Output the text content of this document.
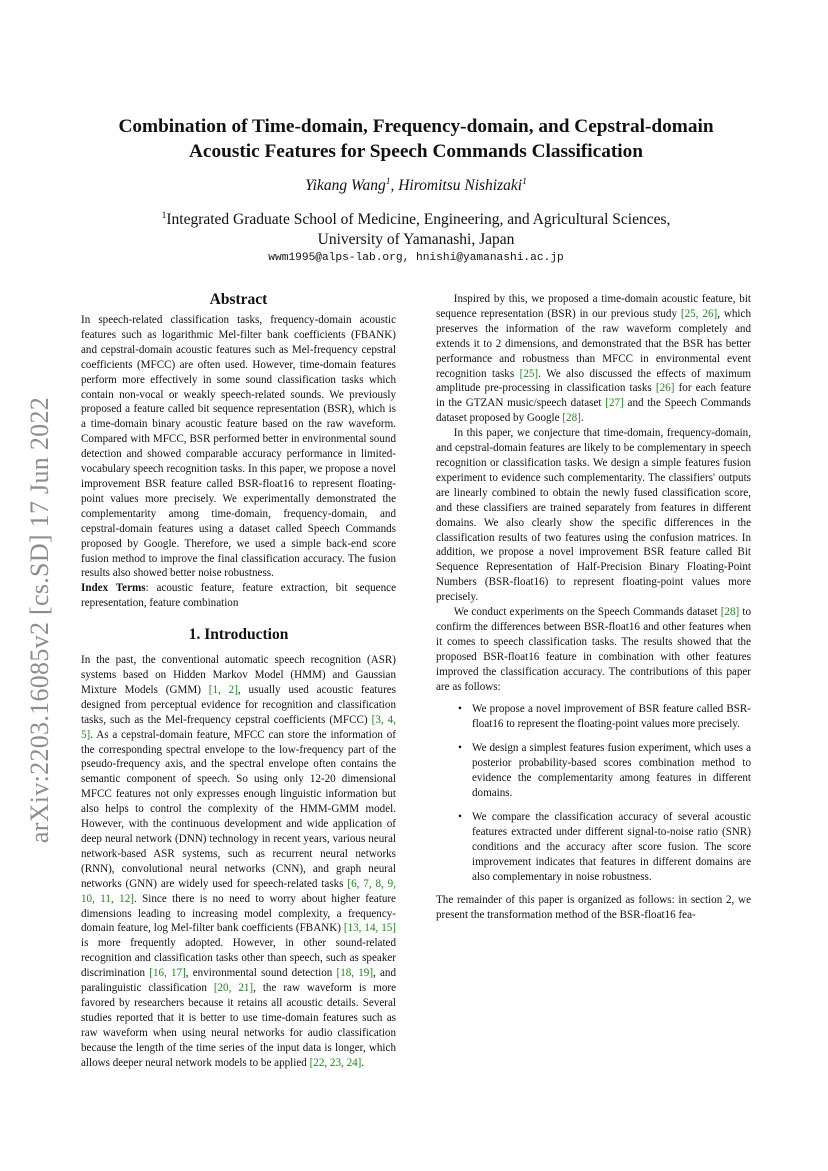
arXiv:2203.16085v2 [cs.SD] 17 Jun 2022
Combination of Time-domain, Frequency-domain, and Cepstral-domain
Acoustic Features for Speech Commands Classification
Yikang Wang$^1$, Hiromitsu Nishizaki$^1$
$^1$Integrated Graduate School of Medicine, Engineering, and Agricultural Sciences,
University of Yamanashi, Japan
wwm1995@alps-lab.org, hnishi@yamanashi.ac.jp
Abstract

In speech-related classification tasks, frequency-domain acoustic features such as logarithmic Mel-filter bank coefficients (FBANK) and cepstral-domain acoustic features such as Mel-frequency cepstral coefficients (MFCC) are often used. However, time-domain features perform more effectively in some sound classification tasks which contain non-vocal or weakly speech-related sounds. We previously proposed a feature called bit sequence representation (BSR), which is a time-domain binary acoustic feature based on the raw waveform. Compared with MFCC, BSR performed better in environmental sound detection and showed comparable accuracy performance in limited-vocabulary speech recognition tasks. In this paper, we propose a novel improvement BSR feature called BSR-float16 to represent floating-point values more precisely. We experimentally demonstrated the complementarity among time-domain, frequency-domain, and cepstral-domain features using a dataset called Speech Commands proposed by Google. Therefore, we used a simple back-end score fusion method to improve the final classification accuracy. The fusion results also showed better noise robustness.

Index Terms: acoustic feature, feature extraction, bit sequence representation, feature combination

1. Introduction

In the past, the conventional automatic speech recognition (ASR) systems based on Hidden Markov Model (HMM) and Gaussian Mixture Models (GMM) [1, 2], usually used acoustic features designed from perceptual evidence for recognition and classification tasks, such as the Mel-frequency cepstral coefficients (MFCC) [3, 4, 5]. As a cepstral-domain feature, MFCC can store the information of the corresponding spectral envelope to the low-frequency part of the pseudo-frequency axis, and the spectral envelope often contains the semantic component of speech. So using only 12-20 dimensional MFCC features not only expresses enough linguistic information but also helps to control the complexity of the HMM-GMM model. However, with the continuous development and wide application of deep neural network (DNN) technology in recent years, various neural network-based ASR systems, such as recurrent neural networks (RNN), convolutional neural networks (CNN), and graph neural networks (GNN) are widely used for speech-related tasks [6, 7, 8, 9, 10, 11, 12]. Since there is no need to worry about higher feature dimensions leading to increasing model complexity, a frequency-domain feature, log Mel-filter bank coefficients (FBANK) [13, 14, 15] is more frequently adopted. However, in other sound-related recognition and classification tasks other than speech, such as speaker discrimination [16, 17], environmental sound detection [18, 19], and paralinguistic classification [20, 21], the raw waveform is more favored by researchers because it retains all acoustic details. Several studies reported that it is better to use time-domain features such as raw waveform when using neural networks for audio classification because the length of the time series of the input data is longer, which allows deeper neural network models to be applied [22, 23, 24].

Inspired by this, we proposed a time-domain acoustic feature, bit sequence representation (BSR) in our previous study [25, 26], which preserves the information of the raw waveform completely and extends it to 2 dimensions, and demonstrated that the BSR has better performance and robustness than MFCC in environmental event recognition tasks [25]. We also discussed the effects of maximum amplitude pre-processing in classification tasks [26] for each feature in the GTZAN music/speech dataset [27] and the Speech Commands dataset proposed by Google [28].

In this paper, we conjecture that time-domain, frequency-domain, and cepstral-domain features are likely to be complementary in speech recognition or classification tasks. We design a simple features fusion experiment to evidence such complementarity. The classifiers' outputs are linearly combined to obtain the newly fused classification score, and these classifiers are trained separately from features in different domains. We also clearly show the specific differences in the classification results of two features using the confusion matrices. In addition, we propose a novel improvement BSR feature called Bit Sequence Representation of Half-Precision Binary Floating-Point Numbers (BSR-float16) to represent floating-point values more precisely.

We conduct experiments on the Speech Commands dataset [28] to confirm the differences between BSR-float16 and other features when it comes to speech classification tasks. The results showed that the proposed BSR-float16 feature in combination with other features improved the classification accuracy. The contributions of this paper are as follows:

• We propose a novel improvement of BSR feature called BSR-float16 to represent the floating-point values more precisely.
• We design a simplest features fusion experiment, which uses a posterior probability-based scores combination method to evidence the complementarity among features in different domains.
• We compare the classification accuracy of several acoustic features extracted under different signal-to-noise ratio (SNR) conditions and the accuracy after score fusion. The score improvement indicates that features in different domains are also complementary in noise robustness.

The remainder of this paper is organized as follows: in section 2, we present the transformation method of the BSR-float16 fea-
